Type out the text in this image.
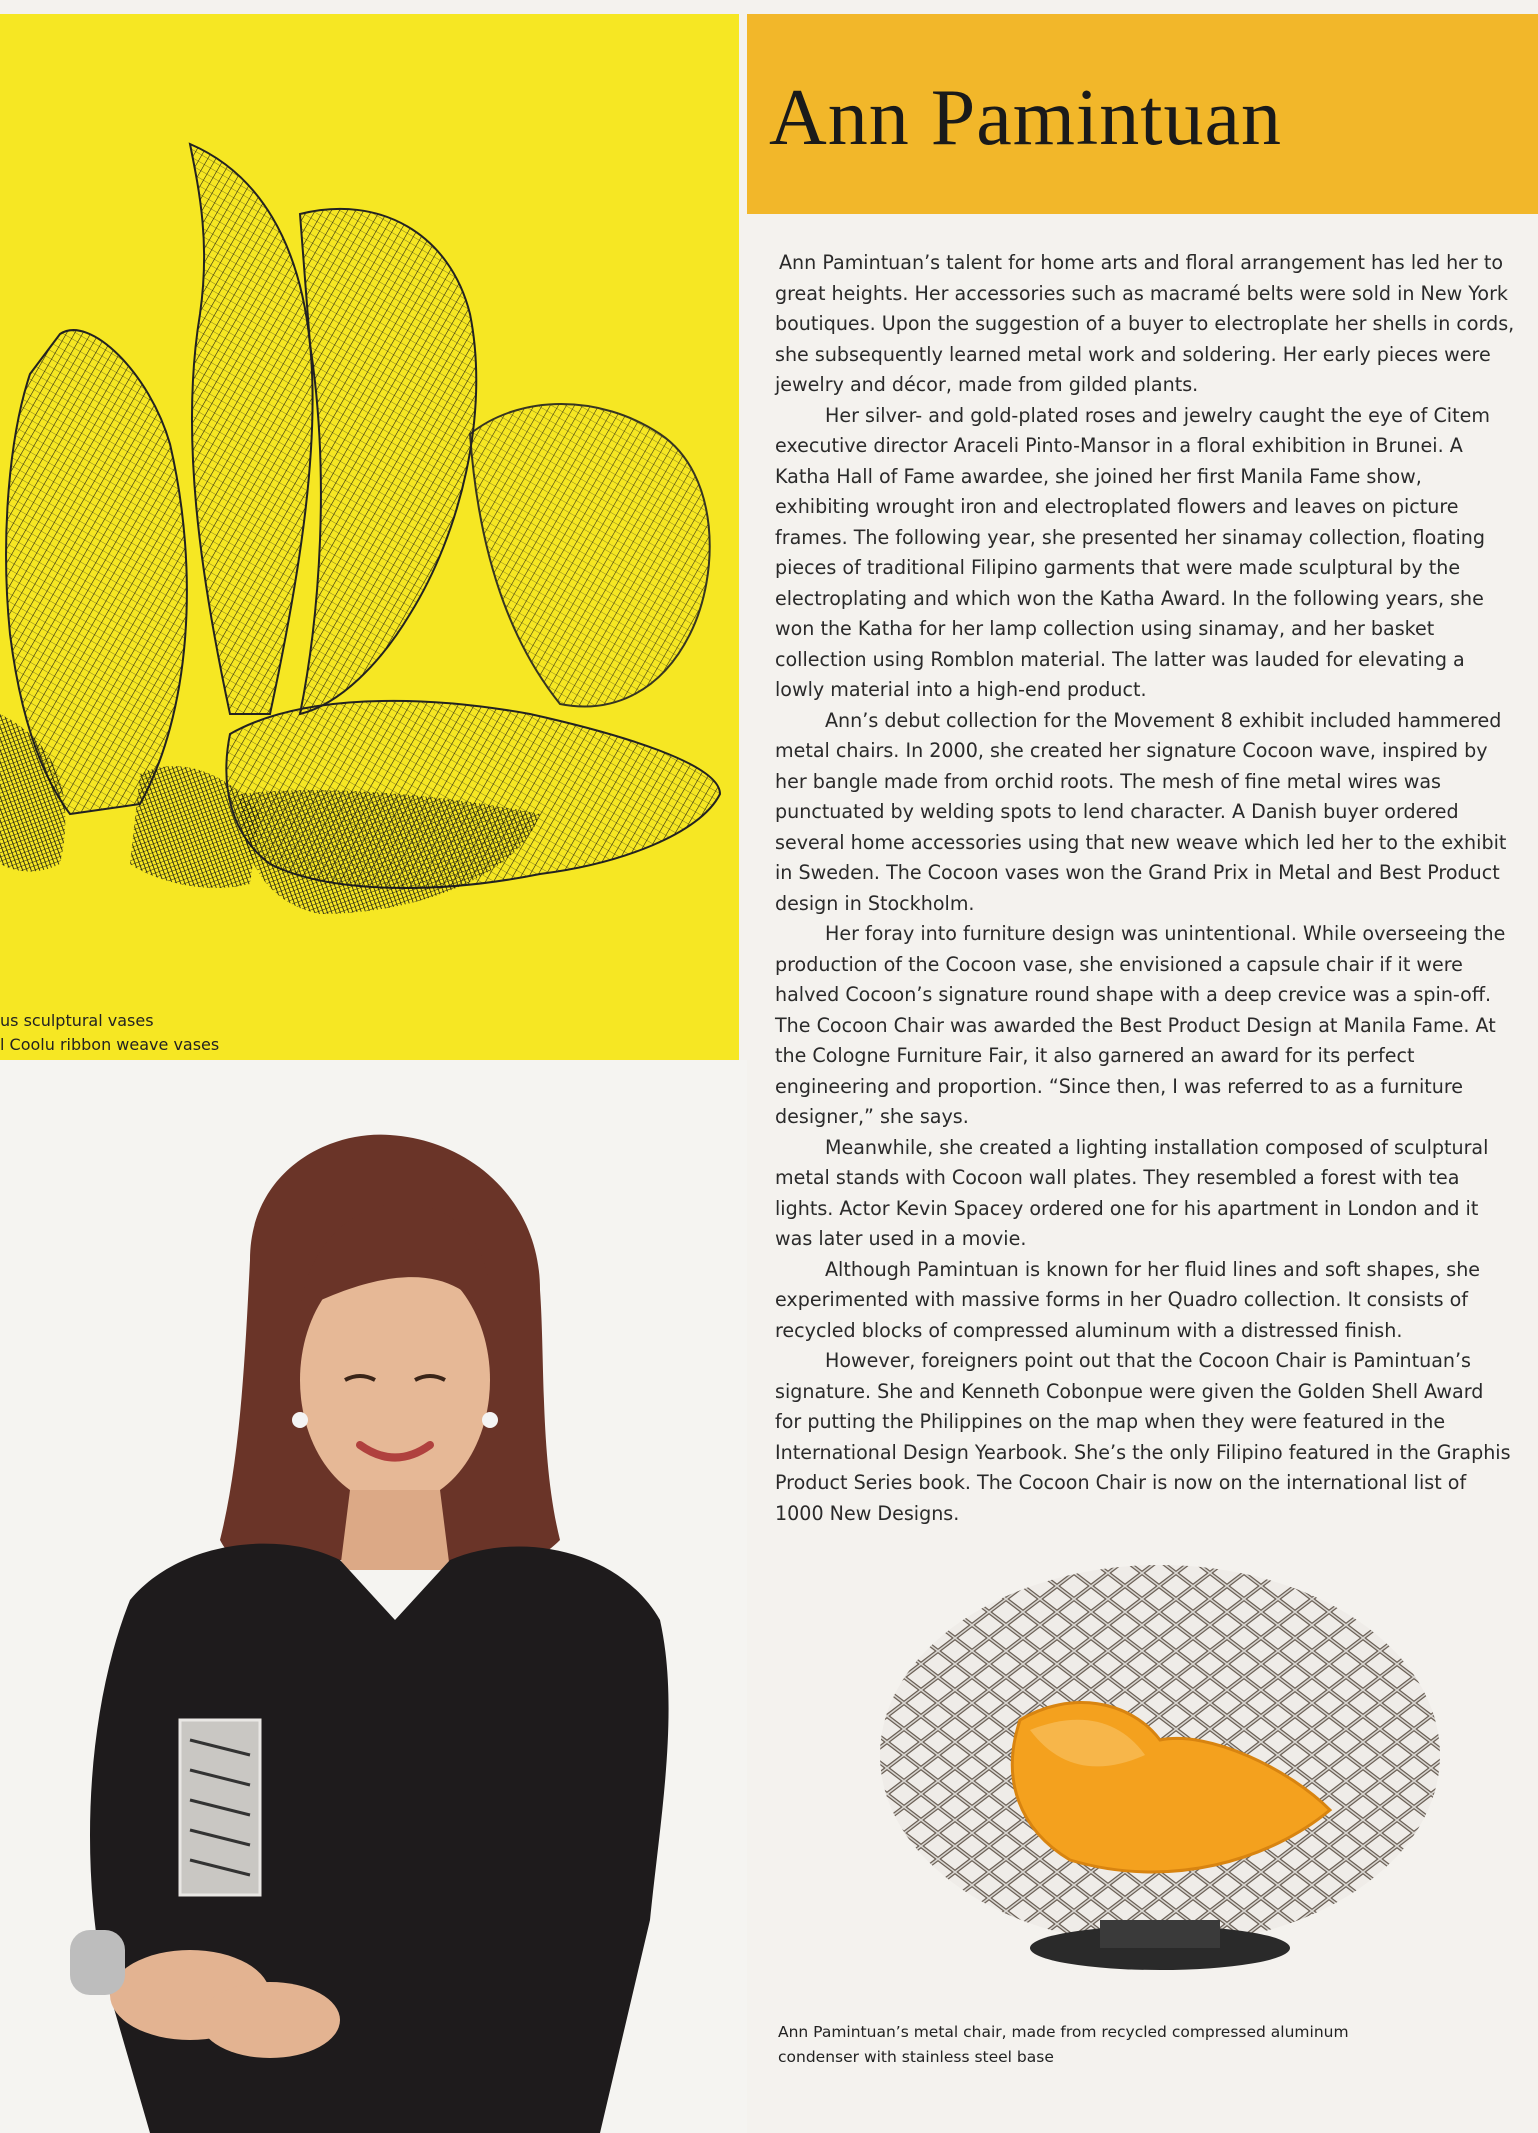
us sculptural vases
l Coolu ribbon weave vases
Ann Pamintuan

Ann Pamintuan’s talent for home arts and floral arrangement has led her to great heights. Her accessories such as macramé belts were sold in New York boutiques. Upon the suggestion of a buyer to electroplate her shells in cords, she subsequently learned metal work and soldering. Her early pieces were jewelry and décor, made from gilded plants.

Her silver- and gold-plated roses and jewelry caught the eye of Citem executive director Araceli Pinto-Mansor in a floral exhibition in Brunei. A Katha Hall of Fame awardee, she joined her first Manila Fame show, exhibiting wrought iron and electroplated flowers and leaves on picture frames. The following year, she presented her sinamay collection, floating pieces of traditional Filipino garments that were made sculptural by the electroplating and which won the Katha Award. In the following years, she won the Katha for her lamp collection using sinamay, and her basket collection using Romblon material. The latter was lauded for elevating a lowly material into a high-end product.

Ann’s debut collection for the Movement 8 exhibit included hammered metal chairs. In 2000, she created her signature Cocoon wave, inspired by her bangle made from orchid roots. The mesh of fine metal wires was punctuated by welding spots to lend character. A Danish buyer ordered several home accessories using that new weave which led her to the exhibit in Sweden. The Cocoon vases won the Grand Prix in Metal and Best Product design in Stockholm.

Her foray into furniture design was unintentional. While overseeing the production of the Cocoon vase, she envisioned a capsule chair if it were halved Cocoon’s signature round shape with a deep crevice was a spin-off. The Cocoon Chair was awarded the Best Product Design at Manila Fame. At the Cologne Furniture Fair, it also garnered an award for its perfect engineering and proportion. “Since then, I was referred to as a furniture designer,” she says.

Meanwhile, she created a lighting installation composed of sculptural metal stands with Cocoon wall plates. They resembled a forest with tea lights. Actor Kevin Spacey ordered one for his apartment in London and it was later used in a movie.

Although Pamintuan is known for her fluid lines and soft shapes, she experimented with massive forms in her Quadro collection. It consists of recycled blocks of compressed aluminum with a distressed finish.

However, foreigners point out that the Cocoon Chair is Pamintuan’s signature. She and Kenneth Cobonpue were given the Golden Shell Award for putting the Philippines on the map when they were featured in the International Design Yearbook. She’s the only Filipino featured in the Graphis Product Series book. The Cocoon Chair is now on the international list of 1000 New Designs.

Ann Pamintuan’s metal chair, made from recycled compressed aluminum
condenser with stainless steel base
